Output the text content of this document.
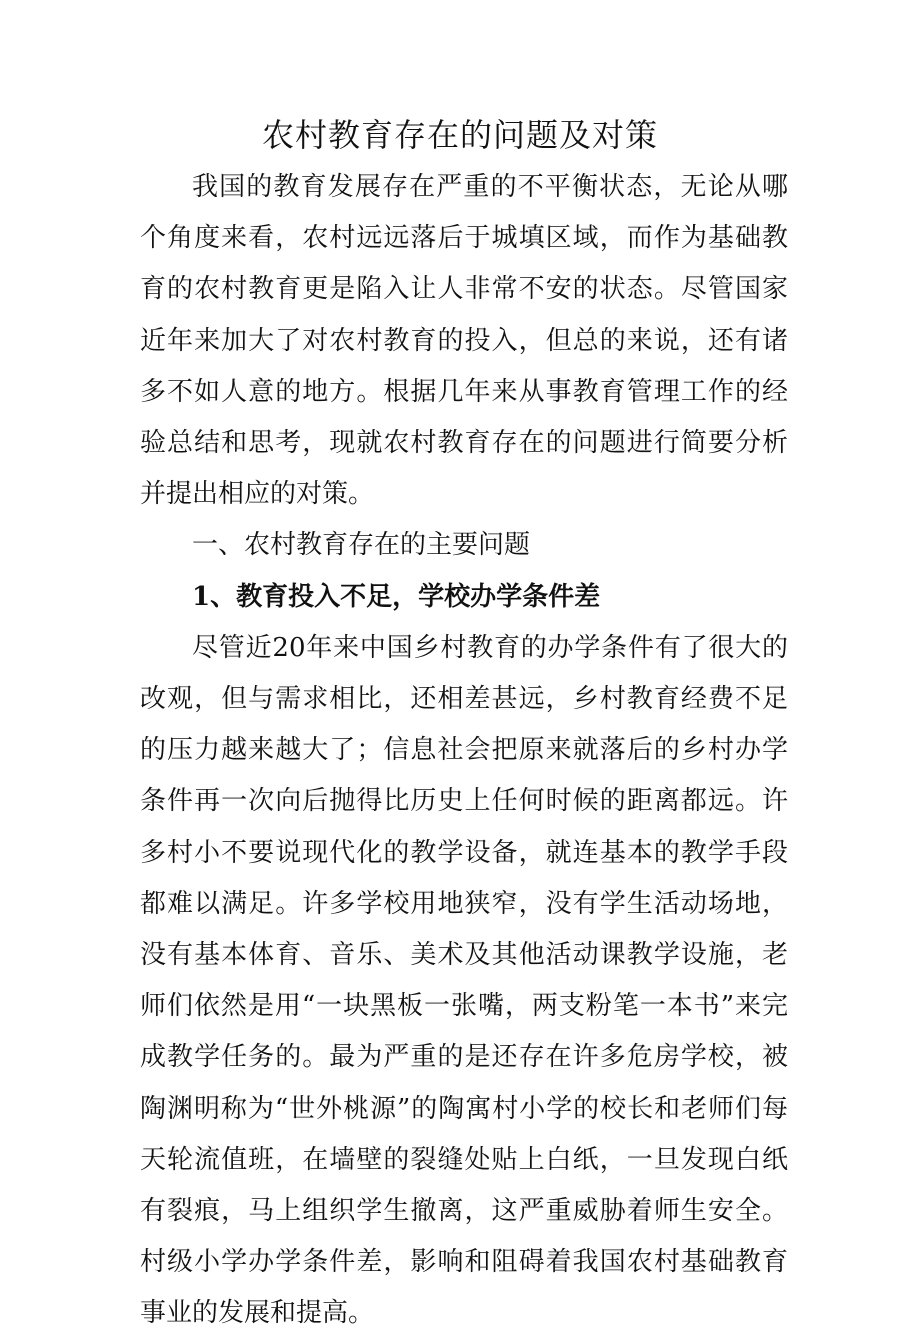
农村教育存在的问题及对策

我国的教育发展存在严重的不平衡状态，无论从哪个角度来看，农村远远落后于城填区域，而作为基础教育的农村教育更是陷入让人非常不安的状态。尽管国家近年来加大了对农村教育的投入，但总的来说，还有诸多不如人意的地方。根据几年来从事教育管理工作的经验总结和思考，现就农村教育存在的问题进行简要分析并提出相应的对策。

一、农村教育存在的主要问题

1、教育投入不足，学校办学条件差

尽管近20年来中国乡村教育的办学条件有了很大的改观，但与需求相比，还相差甚远，乡村教育经费不足的压力越来越大了；信息社会把原来就落后的乡村办学条件再一次向后抛得比历史上任何时候的距离都远。许多村小不要说现代化的教学设备，就连基本的教学手段都难以满足。许多学校用地狭窄，没有学生活动场地，没有基本体育、音乐、美术及其他活动课教学设施，老师们依然是用“一块黑板一张嘴，两支粉笔一本书”来完成教学任务的。最为严重的是还存在许多危房学校，被陶渊明称为“世外桃源”的陶寓村小学的校长和老师们每天轮流值班，在墙壁的裂缝处贴上白纸，一旦发现白纸有裂痕，马上组织学生撤离，这严重威胁着师生安全。村级小学办学条件差，影响和阻碍着我国农村基础教育事业的发展和提高。
